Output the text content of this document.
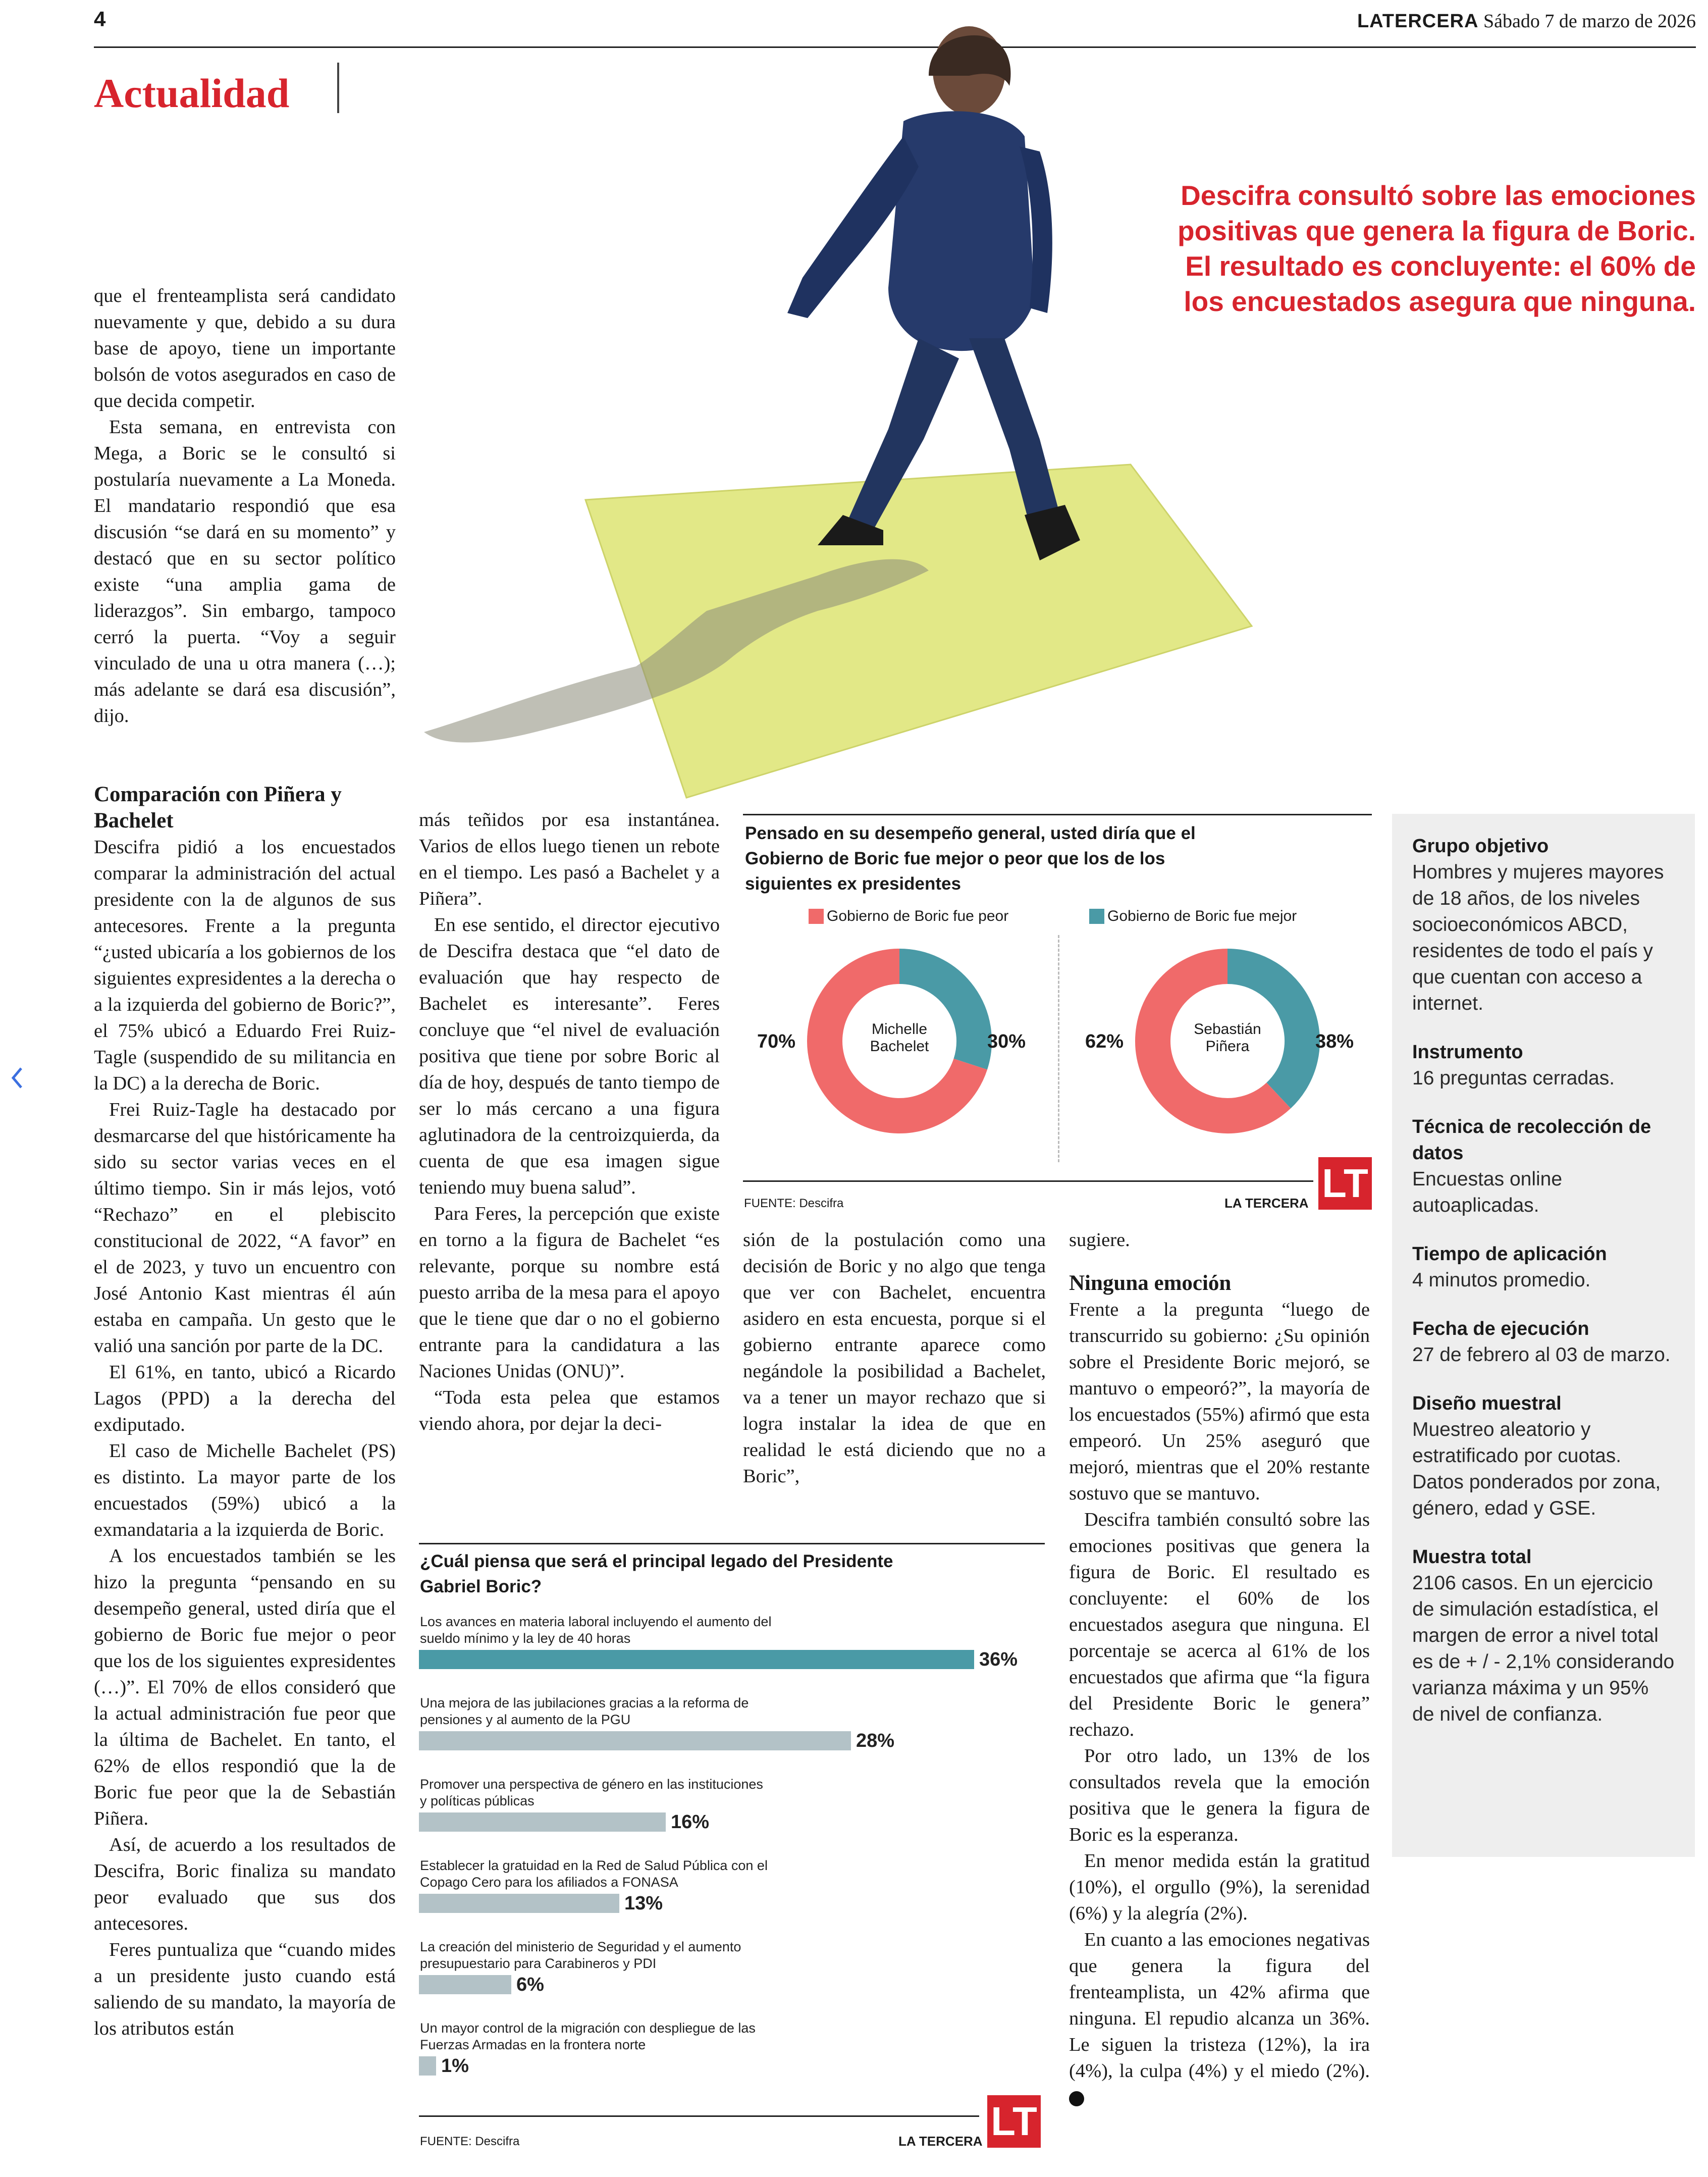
4	LATERCERA Sábado 7 de marzo de 2026
Actualidad
Descifra consultó sobre las emociones positivas que genera la figura de Boric. El resultado es concluyente: el 60% de los encuestados asegura que ninguna.

que el frenteamplista será candidato nuevamente y que, debido a su dura base de apoyo, tiene un importante bolsón de votos asegurados en caso de que decida competir.

Esta semana, en entrevista con Mega, a Boric se le consultó si postularía nuevamente a La Moneda. El mandatario respondió que esa discusión “se dará en su momento” y destacó que en su sector político existe “una amplia gama de liderazgos”. Sin embargo, tampoco cerró la puerta. “Voy a seguir vinculado de una u otra manera (…); más adelante se dará esa discusión”, dijo.

Comparación con Piñera y Bachelet

Descifra pidió a los encuestados comparar la administración del actual presidente con la de algunos de sus antecesores. Frente a la pregunta “¿usted ubicaría a los gobiernos de los siguientes expresidentes a la derecha o a la izquierda del gobierno de Boric?”, el 75% ubicó a Eduardo Frei Ruiz-Tagle (suspendido de su militancia en la DC) a la derecha de Boric.

Frei Ruiz-Tagle ha destacado por desmarcarse del que históricamente ha sido su sector varias veces en el último tiempo. Sin ir más lejos, votó “Rechazo” en el plebiscito constitucional de 2022, “A favor” en el de 2023, y tuvo un encuentro con José Antonio Kast mientras él aún estaba en campaña. Un gesto que le valió una sanción por parte de la DC.

El 61%, en tanto, ubicó a Ricardo Lagos (PPD) a la derecha del exdiputado.

El caso de Michelle Bachelet (PS) es distinto. La mayor parte de los encuestados (59%) ubicó a la exmandataria a la izquierda de Boric.

A los encuestados también se les hizo la pregunta “pensando en su desempeño general, usted diría que el gobierno de Boric fue mejor o peor que los de los siguientes expresidentes (…)”. El 70% de ellos consideró que la actual administración fue peor que la última de Bachelet. En tanto, el 62% de ellos respondió que la de Boric fue peor que la de Sebastián Piñera.

Así, de acuerdo a los resultados de Descifra, Boric finaliza su mandato peor evaluado que sus dos antecesores.

Feres puntualiza que “cuando mides a un presidente justo cuando está saliendo de su mandato, la mayoría de los atributos están

más teñidos por esa instantánea. Varios de ellos luego tienen un rebote en el tiempo. Les pasó a Bachelet y a Piñera”.

En ese sentido, el director ejecutivo de Descifra destaca que “el dato de evaluación que hay respecto de Bachelet es interesante”. Feres concluye que “el nivel de evaluación positiva que tiene por sobre Boric al día de hoy, después de tanto tiempo de ser lo más cercano a una figura aglutinadora de la centroizquierda, da cuenta de que esa imagen sigue teniendo muy buena salud”.

Para Feres, la percepción que existe en torno a la figura de Bachelet “es relevante, porque su nombre está puesto arriba de la mesa para el apoyo que le tiene que dar o no el gobierno entrante para la candidatura a las Naciones Unidas (ONU)”.

“Toda esta pelea que estamos viendo ahora, por dejar la deci-

sión de la postulación como una decisión de Boric y no algo que tenga que ver con Bachelet, encuentra asidero en esta encuesta, porque si el gobierno entrante aparece como negándole la posibilidad a Bachelet, va a tener un mayor rechazo que si logra instalar la idea de que en realidad le está diciendo que no a Boric”,

sugiere.

Ninguna emoción

Frente a la pregunta “luego de transcurrido su gobierno: ¿Su opinión sobre el Presidente Boric mejoró, se mantuvo o empeoró?”, la mayoría de los encuestados (55%) afirmó que esta empeoró. Un 25% aseguró que mejoró, mientras que el 20% restante sostuvo que se mantuvo.

Descifra también consultó sobre las emociones positivas que genera la figura de Boric. El resultado es concluyente: el 60% de los encuestados asegura que ninguna. El porcentaje se acerca al 61% de los encuestados que afirma que “la figura del Presidente Boric le genera” rechazo.

Por otro lado, un 13% de los consultados revela que la emoción positiva que le genera la figura de Boric es la esperanza.

En menor medida están la gratitud (10%), el orgullo (9%), la serenidad (6%) y la alegría (2%).

En cuanto a las emociones negativas que genera la figura del frenteamplista, un 42% afirma que ninguna. El repudio alcanza un 36%. Le siguen la tristeza (12%), la ira (4%), la culpa (4%) y el miedo (2%).

Pensado en su desempeño general, usted diría que el Gobierno de Boric fue mejor o peor que los de los siguientes ex presidentes
Gobierno de Boric fue peor	Gobierno de Boric fue mejor
Michelle Bachelet
70%	30%
Sebastián Piñera
62%	38%
FUENTE: Descifra	LA TERCERA LT
¿Cuál piensa que será el principal legado del Presidente Gabriel Boric?
Los avances en materia laboral incluyendo el aumento del sueldo mínimo y la ley de 40 horas
36%
Una mejora de las jubilaciones gracias a la reforma de pensiones y al aumento de la PGU
28%
Promover una perspectiva de género en las instituciones y políticas públicas
16%
Establecer la gratuidad en la Red de Salud Pública con el Copago Cero para los afiliados a FONASA
13%
La creación del ministerio de Seguridad y el aumento presupuestario para Carabineros y PDI
6%
Un mayor control de la migración con despliegue de las Fuerzas Armadas en la frontera norte
1%
FUENTE: Descifra	LA TERCERA LT

Grupo objetivo

Hombres y mujeres mayores de 18 años, de los niveles socioeconómicos ABCD, residentes de todo el país y que cuentan con acceso a internet.

Instrumento

16 preguntas cerradas.

Técnica de recolección de datos

Encuestas online autoaplicadas.

Tiempo de aplicación

4 minutos promedio.

Fecha de ejecución

27 de febrero al 03 de marzo.

Diseño muestral

Muestreo aleatorio y estratificado por cuotas. Datos ponderados por zona, género, edad y GSE.

Muestra total

2106 casos. En un ejercicio de simulación estadística, el margen de error a nivel total es de + / - 2,1% considerando varianza máxima y un 95% de nivel de confianza.
